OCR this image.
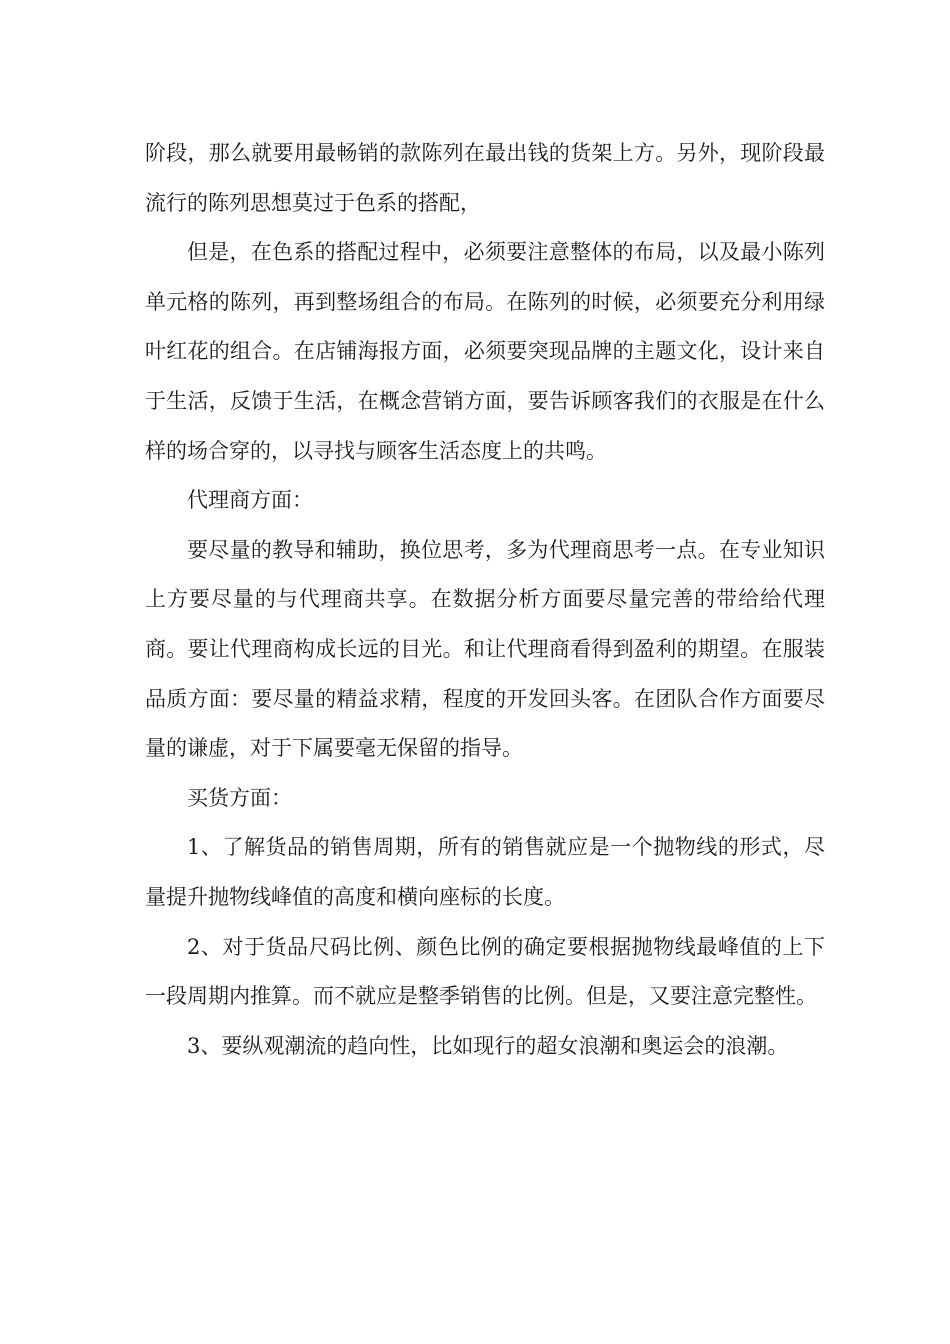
阶段，那么就要用最畅销的款陈列在最出钱的货架上方。另外，现阶段最流行的陈列思想莫过于色系的搭配，

但是，在色系的搭配过程中，必须要注意整体的布局，以及最小陈列单元格的陈列，再到整场组合的布局。在陈列的时候，必须要充分利用绿叶红花的组合。在店铺海报方面，必须要突现品牌的主题文化，设计来自于生活，反馈于生活，在概念营销方面，要告诉顾客我们的衣服是在什么样的场合穿的，以寻找与顾客生活态度上的共鸣。

代理商方面：

要尽量的教导和辅助，换位思考，多为代理商思考一点。在专业知识上方要尽量的与代理商共享。在数据分析方面要尽量完善的带给给代理商。要让代理商构成长远的目光。和让代理商看得到盈利的期望。在服装品质方面：要尽量的精益求精，程度的开发回头客。在团队合作方面要尽量的谦虚，对于下属要毫无保留的指导。

买货方面：

1、了解货品的销售周期，所有的销售就应是一个抛物线的形式，尽量提升抛物线峰值的高度和横向座标的长度。

2、对于货品尺码比例、颜色比例的确定要根据抛物线最峰值的上下一段周期内推算。而不就应是整季销售的比例。但是，又要注意完整性。

3、要纵观潮流的趋向性，比如现行的超女浪潮和奥运会的浪潮。
